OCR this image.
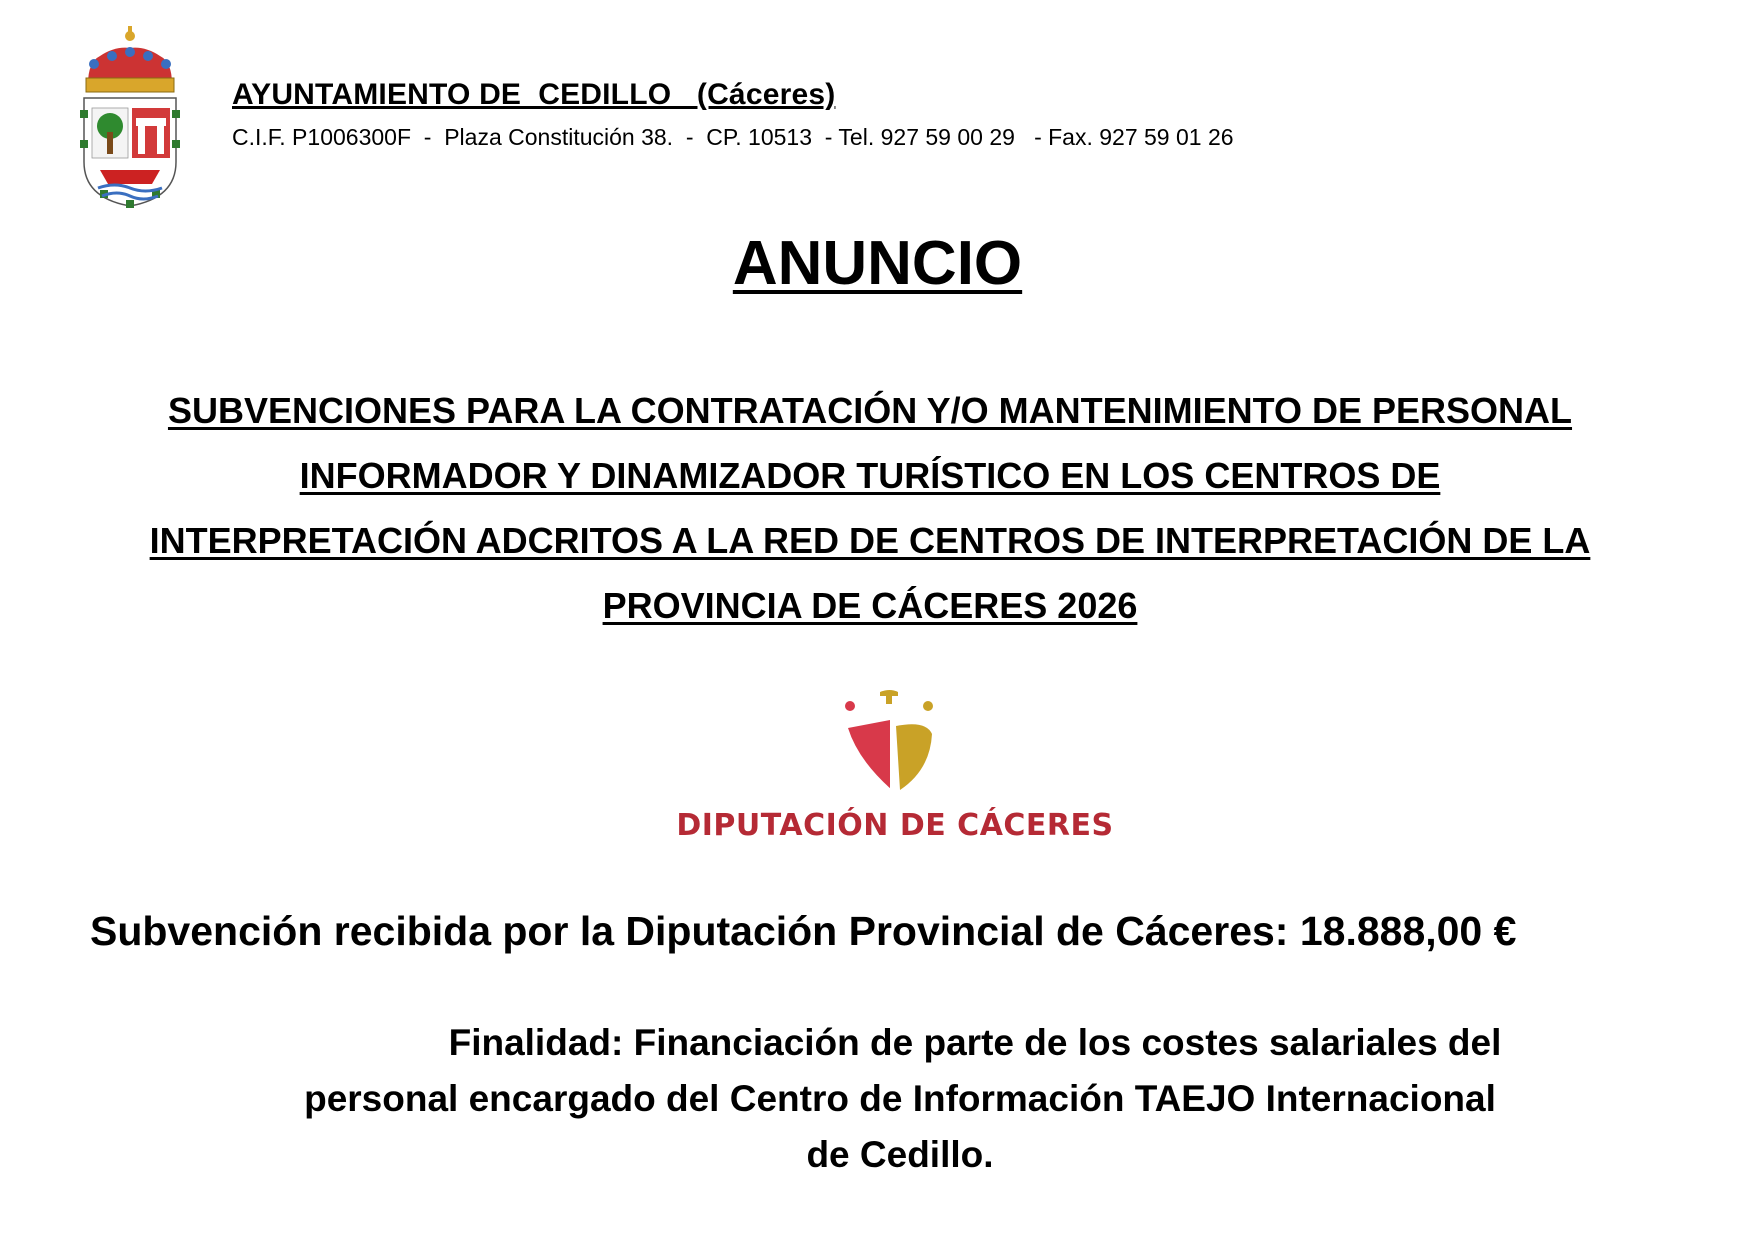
AYUNTAMIENTO DE  CEDILLO   (Cáceres)
C.I.F. P1006300F  -  Plaza Constitución 38.  -  CP. 10513  - Tel. 927 59 00 29   - Fax. 927 59 01 26
ANUNCIO
SUBVENCIONES PARA LA CONTRATACIÓN Y/O MANTENIMIENTO DE PERSONAL
INFORMADOR Y DINAMIZADOR TURÍSTICO EN LOS CENTROS DE
INTERPRETACIÓN ADCRITOS A LA RED DE CENTROS DE INTERPRETACIÓN DE LA
PROVINCIA DE CÁCERES 2026
DIPUTACIÓN DE CÁCERES
Subvención recibida por la Diputación Provincial de Cáceres: 18.888,00 €
Finalidad: Financiación de parte de los costes salariales del
personal encargado del Centro de Información TAEJO Internacional
de Cedillo.
